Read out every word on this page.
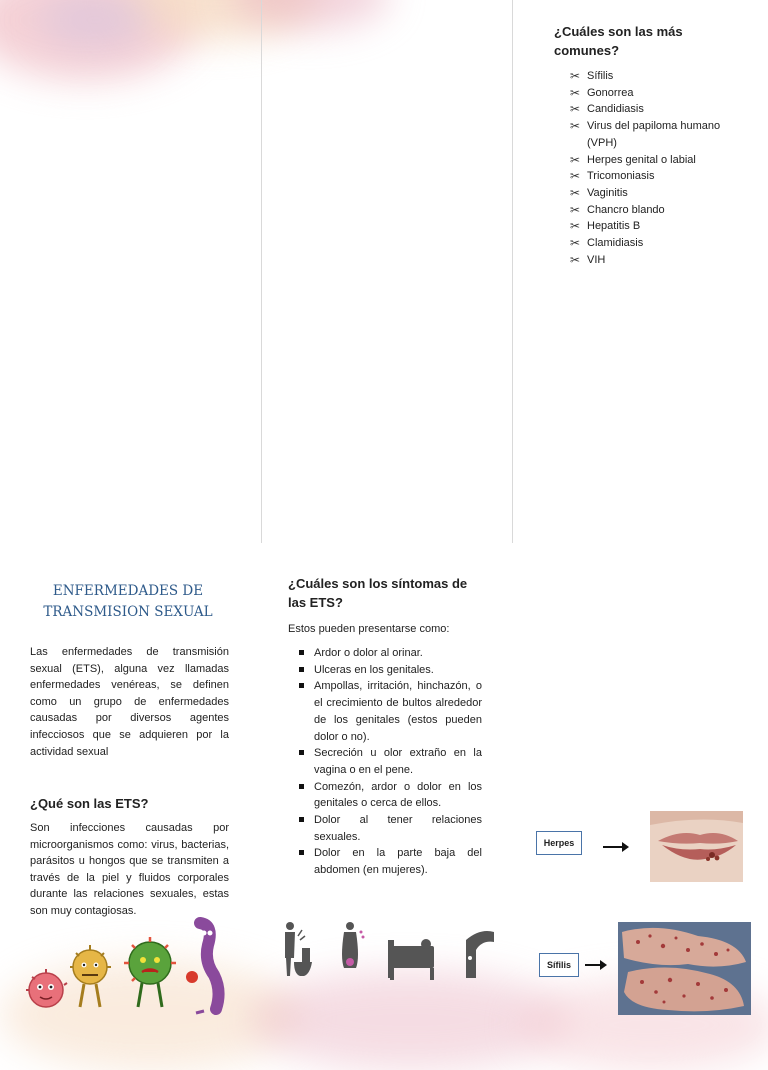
¿Cuáles son las más comunes?
✂ Sífilis
✂ Gonorrea
✂ Candidiasis
✂ Virus del papiloma humano (VPH)
✂ Herpes genital o labial
✂ Tricomoniasis
✂ Vaginitis
✂ Chancro blando
✂ Hepatitis B
✂ Clamidiasis
✂ VIH
ENFERMEDADES DE TRANSMISION SEXUAL
Las enfermedades de transmisión sexual (ETS), alguna vez llamadas enfermedades venéreas, se definen como un grupo de enfermedades causadas por diversos agentes infecciosos que se adquieren por la actividad sexual
¿Qué son las ETS?
Son infecciones causadas por microorganismos como: virus, bacterias, parásitos u hongos que se transmiten a través de la piel y fluidos corporales durante las relaciones sexuales, estas son muy contagiosas.
¿Cuáles son los síntomas de las ETS?
Estos pueden presentarse como:
Ardor o dolor al orinar.
Ulceras en los genitales.
Ampollas, irritación, hinchazón, o el crecimiento de bultos alrededor de los genitales (estos pueden dolor o no).
Secreción u olor extraño en la vagina o en el pene.
Comezón, ardor o dolor en los genitales o cerca de ellos.
Dolor al tener relaciones sexuales.
Dolor en la parte baja del abdomen (en mujeres).
Herpes
Sífilis
